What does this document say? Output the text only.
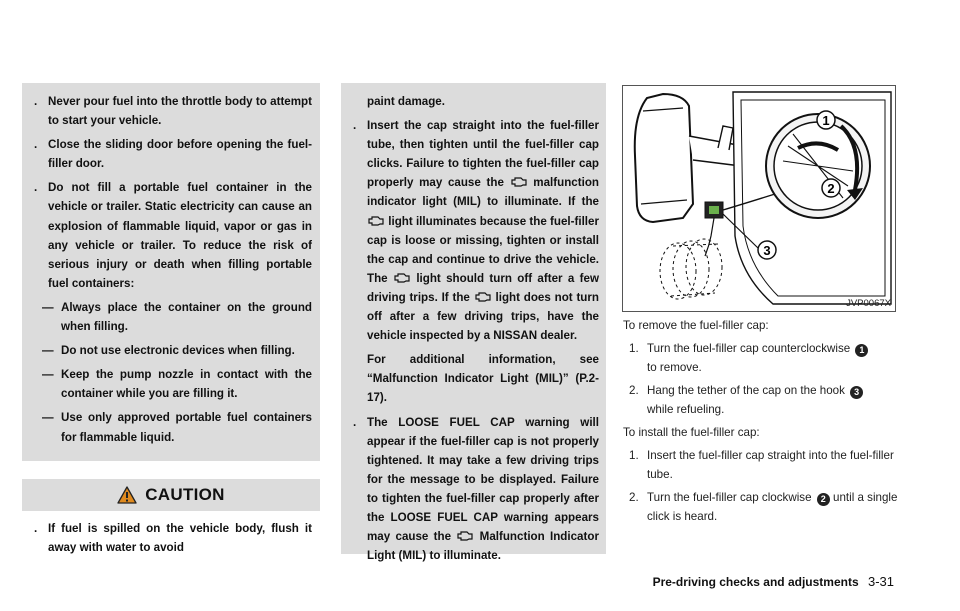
. Never pour fuel into the throttle body to attempt to start your vehicle.

. Close the sliding door before opening the fuel-filler door.

. Do not fill a portable fuel container in the vehicle or trailer. Static electricity can cause an explosion of flammable liquid, vapor or gas in any vehicle or trailer. To reduce the risk of serious injury or death when filling portable fuel containers:

— Always place the container on the ground when filling.

— Do not use electronic devices when filling.

— Keep the pump nozzle in contact with the container while you are filling it.

— Use only approved portable fuel containers for flammable liquid.

CAUTION

. If fuel is spilled on the vehicle body, flush it away with water to avoid

paint damage.

. Insert the cap straight into the fuel-filler tube, then tighten until the fuel-filler cap clicks. Failure to tighten the fuel-filler cap properly may cause the	malfunction indicator light (MIL) to illuminate. If the  light illuminates because the fuel-filler cap is loose or missing, tighten or install the cap and continue to drive the vehicle. The light should turn off after a few driving trips. If the light does not turn off after a few driving trips, have the vehicle inspected by a NISSAN dealer.

For additional information, see “Malfunction Indicator Light (MIL)” (P.2-17).

. The LOOSE FUEL CAP warning will appear if the fuel-filler cap is not properly tightened. It may take a few driving trips for the message to be displayed. Failure to tighten the fuel-filler cap properly after the LOOSE FUEL CAP warning appears may cause the Malfunction Indicator Light (MIL) to illuminate.

1
2
3
JVP0067X

To remove the fuel-filler cap:

1. Turn the fuel-filler cap counterclockwise 1
to remove.

2. Hang the tether of the cap on the hook 3
while refueling.

To install the fuel-filler cap:

1. Insert the fuel-filler cap straight into the fuel-filler tube.

2. Turn the fuel-filler cap clockwise 2 until a single click is heard.

Pre-driving checks and adjustments 3-31
